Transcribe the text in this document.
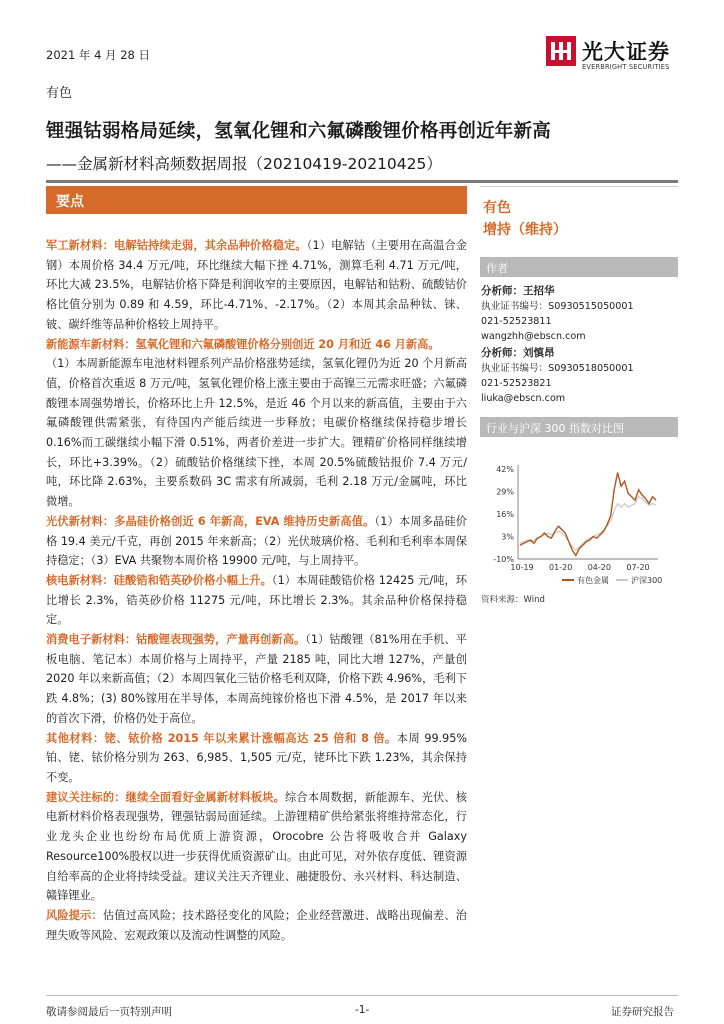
2021 年 4 月 28 日	光大证券
EVERBRIGHT SECURITIES
有色
锂强钴弱格局延续，氢氧化锂和六氟磷酸锂价格再创近年新高
——金属新材料高频数据周报（20210419-20210425）
要点

军工新材料：电解钴持续走弱，其余品种价格稳定。（1）电解钴（主要用在高温合金钢）本周价格 34.4 万元/吨，环比继续大幅下挫 4.71%，测算毛利 4.71 万元/吨，环比大减 23.5%，电解钴价格下降是利润收窄的主要原因，电解钴和钴粉、硫酸钴价格比值分别为 0.89 和 4.59，环比-4.71%、-2.17%。（2）本周其余品种钛、铼、铍、碳纤维等品种价格较上周持平。

新能源车新材料：氢氧化锂和六氟磷酸锂价格分别创近 20 月和近 46 月新高。
（1）本周新能源车电池材料锂系列产品价格涨势延续，氢氧化锂仍为近 20 个月新高值，价格首次重返 8 万元/吨，氢氧化锂价格上涨主要由于高镍三元需求旺盛；六氟磷酸锂本周强势增长，价格环比上升 12.5%，是近 46 个月以来的新高值，主要由于六氟磷酸锂供需紧张，有待国内产能后续进一步释放；电碳价格继续保持稳步增长 0.16%而工碳继续小幅下滑 0.51%，两者价差进一步扩大。锂精矿价格同样继续增长，环比+3.39%。（2）硫酸钴价格继续下挫，本周 20.5%硫酸钴报价 7.4 万元/吨，环比降 2.63%，主要系数码 3C 需求有所减弱，毛利 2.18 万元/金属吨，环比微增。

光伏新材料：多晶硅价格创近 6 年新高，EVA 维持历史新高值。（1）本周多晶硅价格 19.4 美元/千克，再创 2015 年来新高；（2）光伏玻璃价格、毛利和毛利率本周保持稳定；（3）EVA 共聚物本周价格 19900 元/吨，与上周持平。

核电新材料：硅酸锆和锆英砂价格小幅上升。（1）本周硅酸锆价格 12425 元/吨，环比增长 2.3%，锆英砂价格 11275 元/吨，环比增长 2.3%。其余品种价格保持稳定。

消费电子新材料：钴酸锂表现强势，产量再创新高。（1）钴酸锂（81%用在手机、平板电脑、笔记本）本周价格与上周持平，产量 2185 吨，同比大增 127%，产量创 2020 年以来新高值；（2）本周四氧化三钴价格毛利双降，价格下跌 4.96%，毛利下跌 4.8%；(3) 80%镓用在半导体，本周高纯镓价格也下滑 4.5%，是 2017 年以来的首次下滑，价格仍处于高位。

其他材料：铑、铱价格 2015 年以来累计涨幅高达 25 倍和 8 倍。本周 99.95%铂、铑、铱价格分别为 263、6,985、1,505 元/克，铑环比下跌 1.23%，其余保持不变。

建议关注标的：继续全面看好金属新材料板块。综合本周数据，新能源车、光伏、核电新材料价格表现强势，锂强钴弱局面延续。上游锂精矿供给紧张将维持常态化，行业龙头企业也纷纷布局优质上游资源，Orocobre 公告将吸收合并 Galaxy Resource100%股权以进一步获得优质资源矿山。由此可见，对外依存度低、锂资源自给率高的企业将持续受益。建议关注天齐锂业、融捷股份、永兴材料、科达制造、赣锋锂业。

风险提示：估值过高风险；技术路径变化的风险；企业经营激进、战略出现偏差、治理失败等风险、宏观政策以及流动性调整的风险。

有色
增持（维持）
作者
分析师：王招华
执业证书编号：S0930515050001
021-52523811
wangzhh@ebscn.com
分析师：刘慎昂
执业证书编号：S0930518050001
021-52523821
liuka@ebscn.com
行业与沪深 300 指数对比图
42%
29%
16%
3%
-10%
10-19 01-20 04-20 07-20
有色金属	沪深300
资料来源：Wind
敬请参阅最后一页特别声明	-1-	证券研究报告
